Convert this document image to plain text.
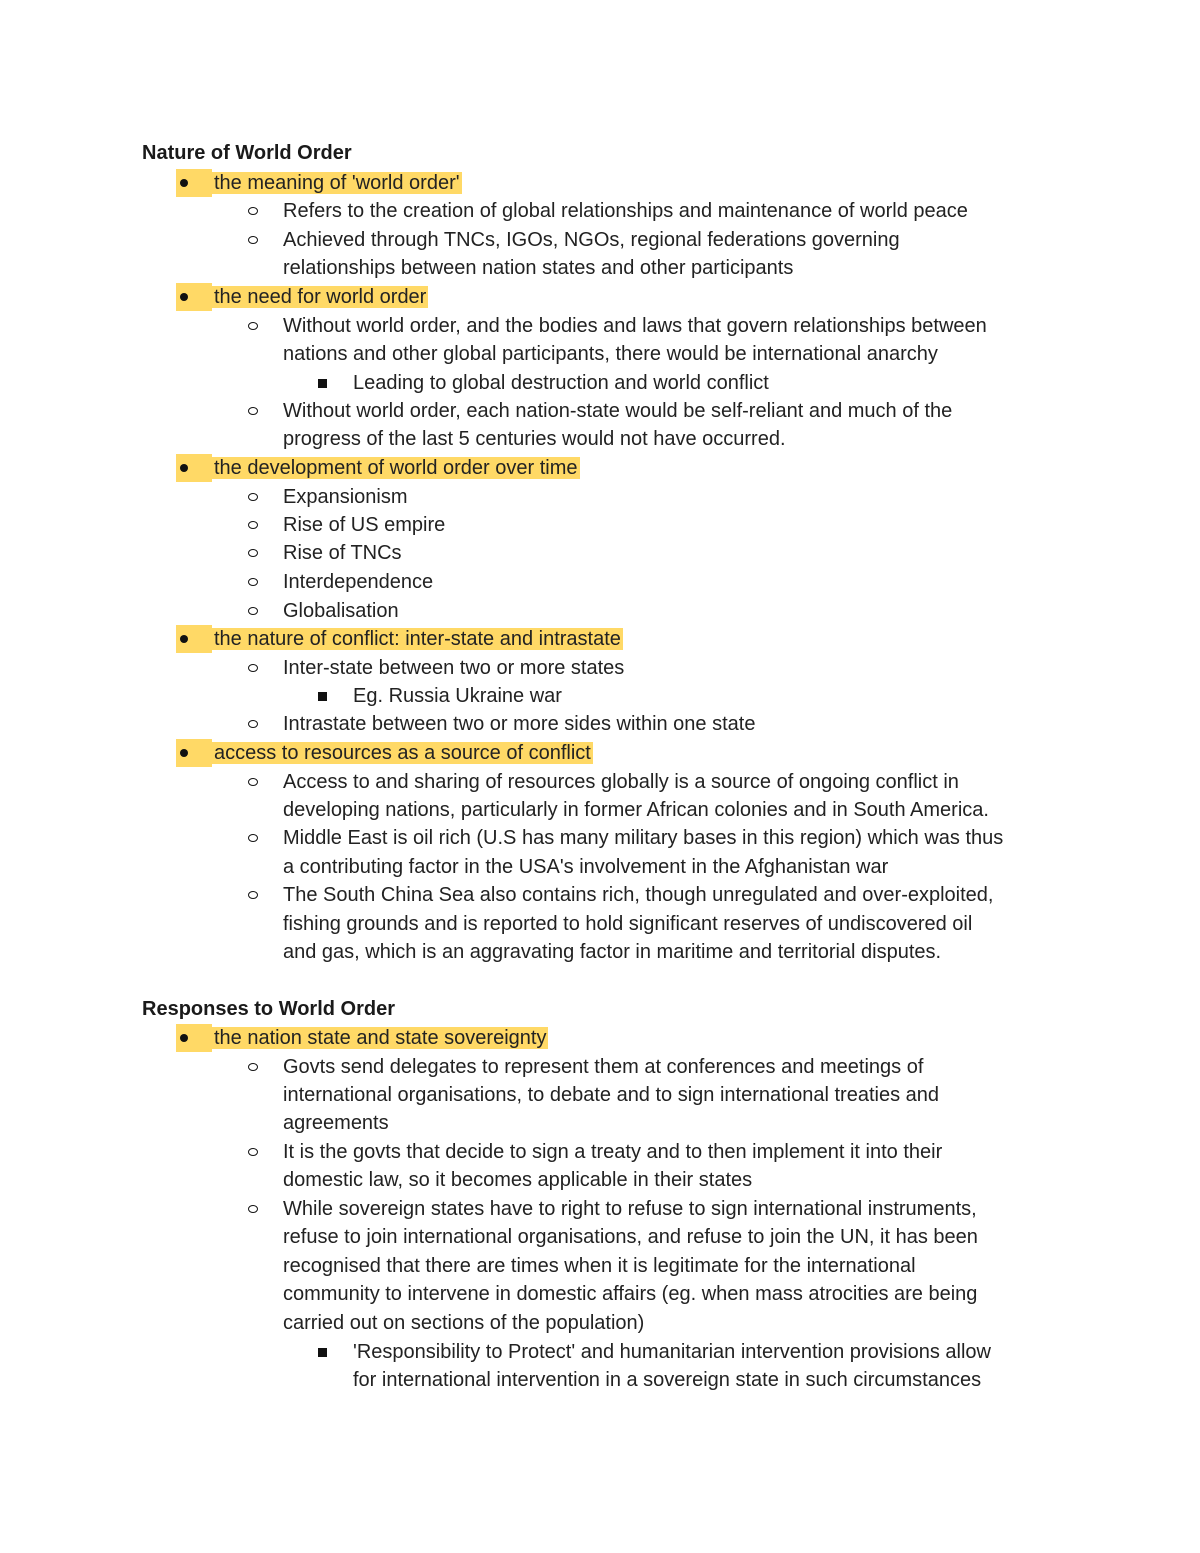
Nature of World Order
the meaning of 'world order'
Refers to the creation of global relationships and maintenance of world peace
Achieved through TNCs, IGOs, NGOs, regional federations governing
relationships between nation states and other participants
the need for world order
Without world order, and the bodies and laws that govern relationships between
nations and other global participants, there would be international anarchy
Leading to global destruction and world conflict
Without world order, each nation-state would be self-reliant and much of the
progress of the last 5 centuries would not have occurred.
the development of world order over time
Expansionism
Rise of US empire
Rise of TNCs
Interdependence
Globalisation
the nature of conflict: inter-state and intrastate
Inter-state between two or more states
Eg. Russia Ukraine war
Intrastate between two or more sides within one state
access to resources as a source of conflict
Access to and sharing of resources globally is a source of ongoing conflict in
developing nations, particularly in former African colonies and in South America.
Middle East is oil rich (U.S has many military bases in this region) which was thus
a contributing factor in the USA's involvement in the Afghanistan war
The South China Sea also contains rich, though unregulated and over-exploited,
fishing grounds and is reported to hold significant reserves of undiscovered oil
and gas, which is an aggravating factor in maritime and territorial disputes.
Responses to World Order
the nation state and state sovereignty
Govts send delegates to represent them at conferences and meetings of
international organisations, to debate and to sign international treaties and
agreements
It is the govts that decide to sign a treaty and to then implement it into their
domestic law, so it becomes applicable in their states
While sovereign states have to right to refuse to sign international instruments,
refuse to join international organisations, and refuse to join the UN, it has been
recognised that there are times when it is legitimate for the international
community to intervene in domestic affairs (eg. when mass atrocities are being
carried out on sections of the population)
'Responsibility to Protect' and humanitarian intervention provisions allow
for international intervention in a sovereign state in such circumstances
